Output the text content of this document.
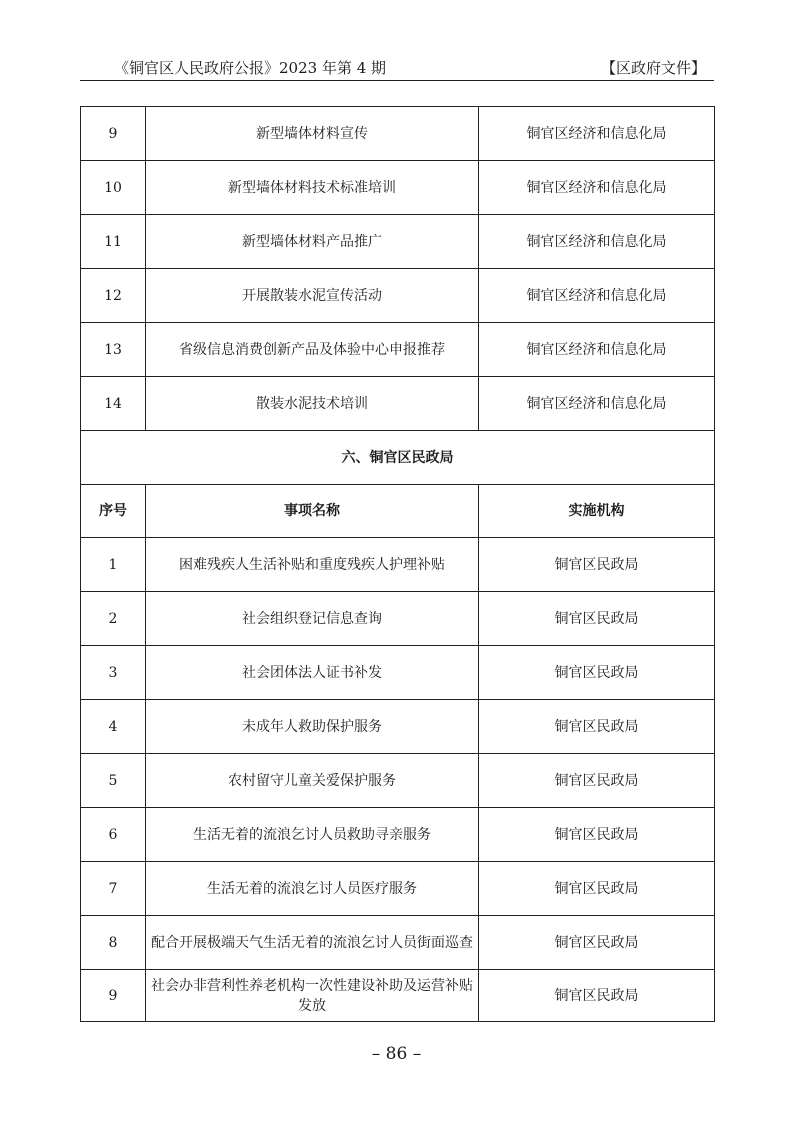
《铜官区人民政府公报》2023 年第 4 期	【区政府文件】
9	新型墙体材料宣传	铜官区经济和信息化局
10	新型墙体材料技术标准培训	铜官区经济和信息化局
11	新型墙体材料产品推广	铜官区经济和信息化局
12	开展散装水泥宣传活动	铜官区经济和信息化局
13	省级信息消费创新产品及体验中心申报推荐	铜官区经济和信息化局
14	散装水泥技术培训	铜官区经济和信息化局
六、铜官区民政局		
序号	事项名称	实施机构
1	困难残疾人生活补贴和重度残疾人护理补贴	铜官区民政局
2	社会组织登记信息查询	铜官区民政局
3	社会团体法人证书补发	铜官区民政局
4	未成年人救助保护服务	铜官区民政局
5	农村留守儿童关爱保护服务	铜官区民政局
6	生活无着的流浪乞讨人员救助寻亲服务	铜官区民政局
7	生活无着的流浪乞讨人员医疗服务	铜官区民政局
8	配合开展极端天气生活无着的流浪乞讨人员街面巡查	铜官区民政局
9	社会办非营利性养老机构一次性建设补助及运营补贴发放	铜官区民政局
– 86 –
